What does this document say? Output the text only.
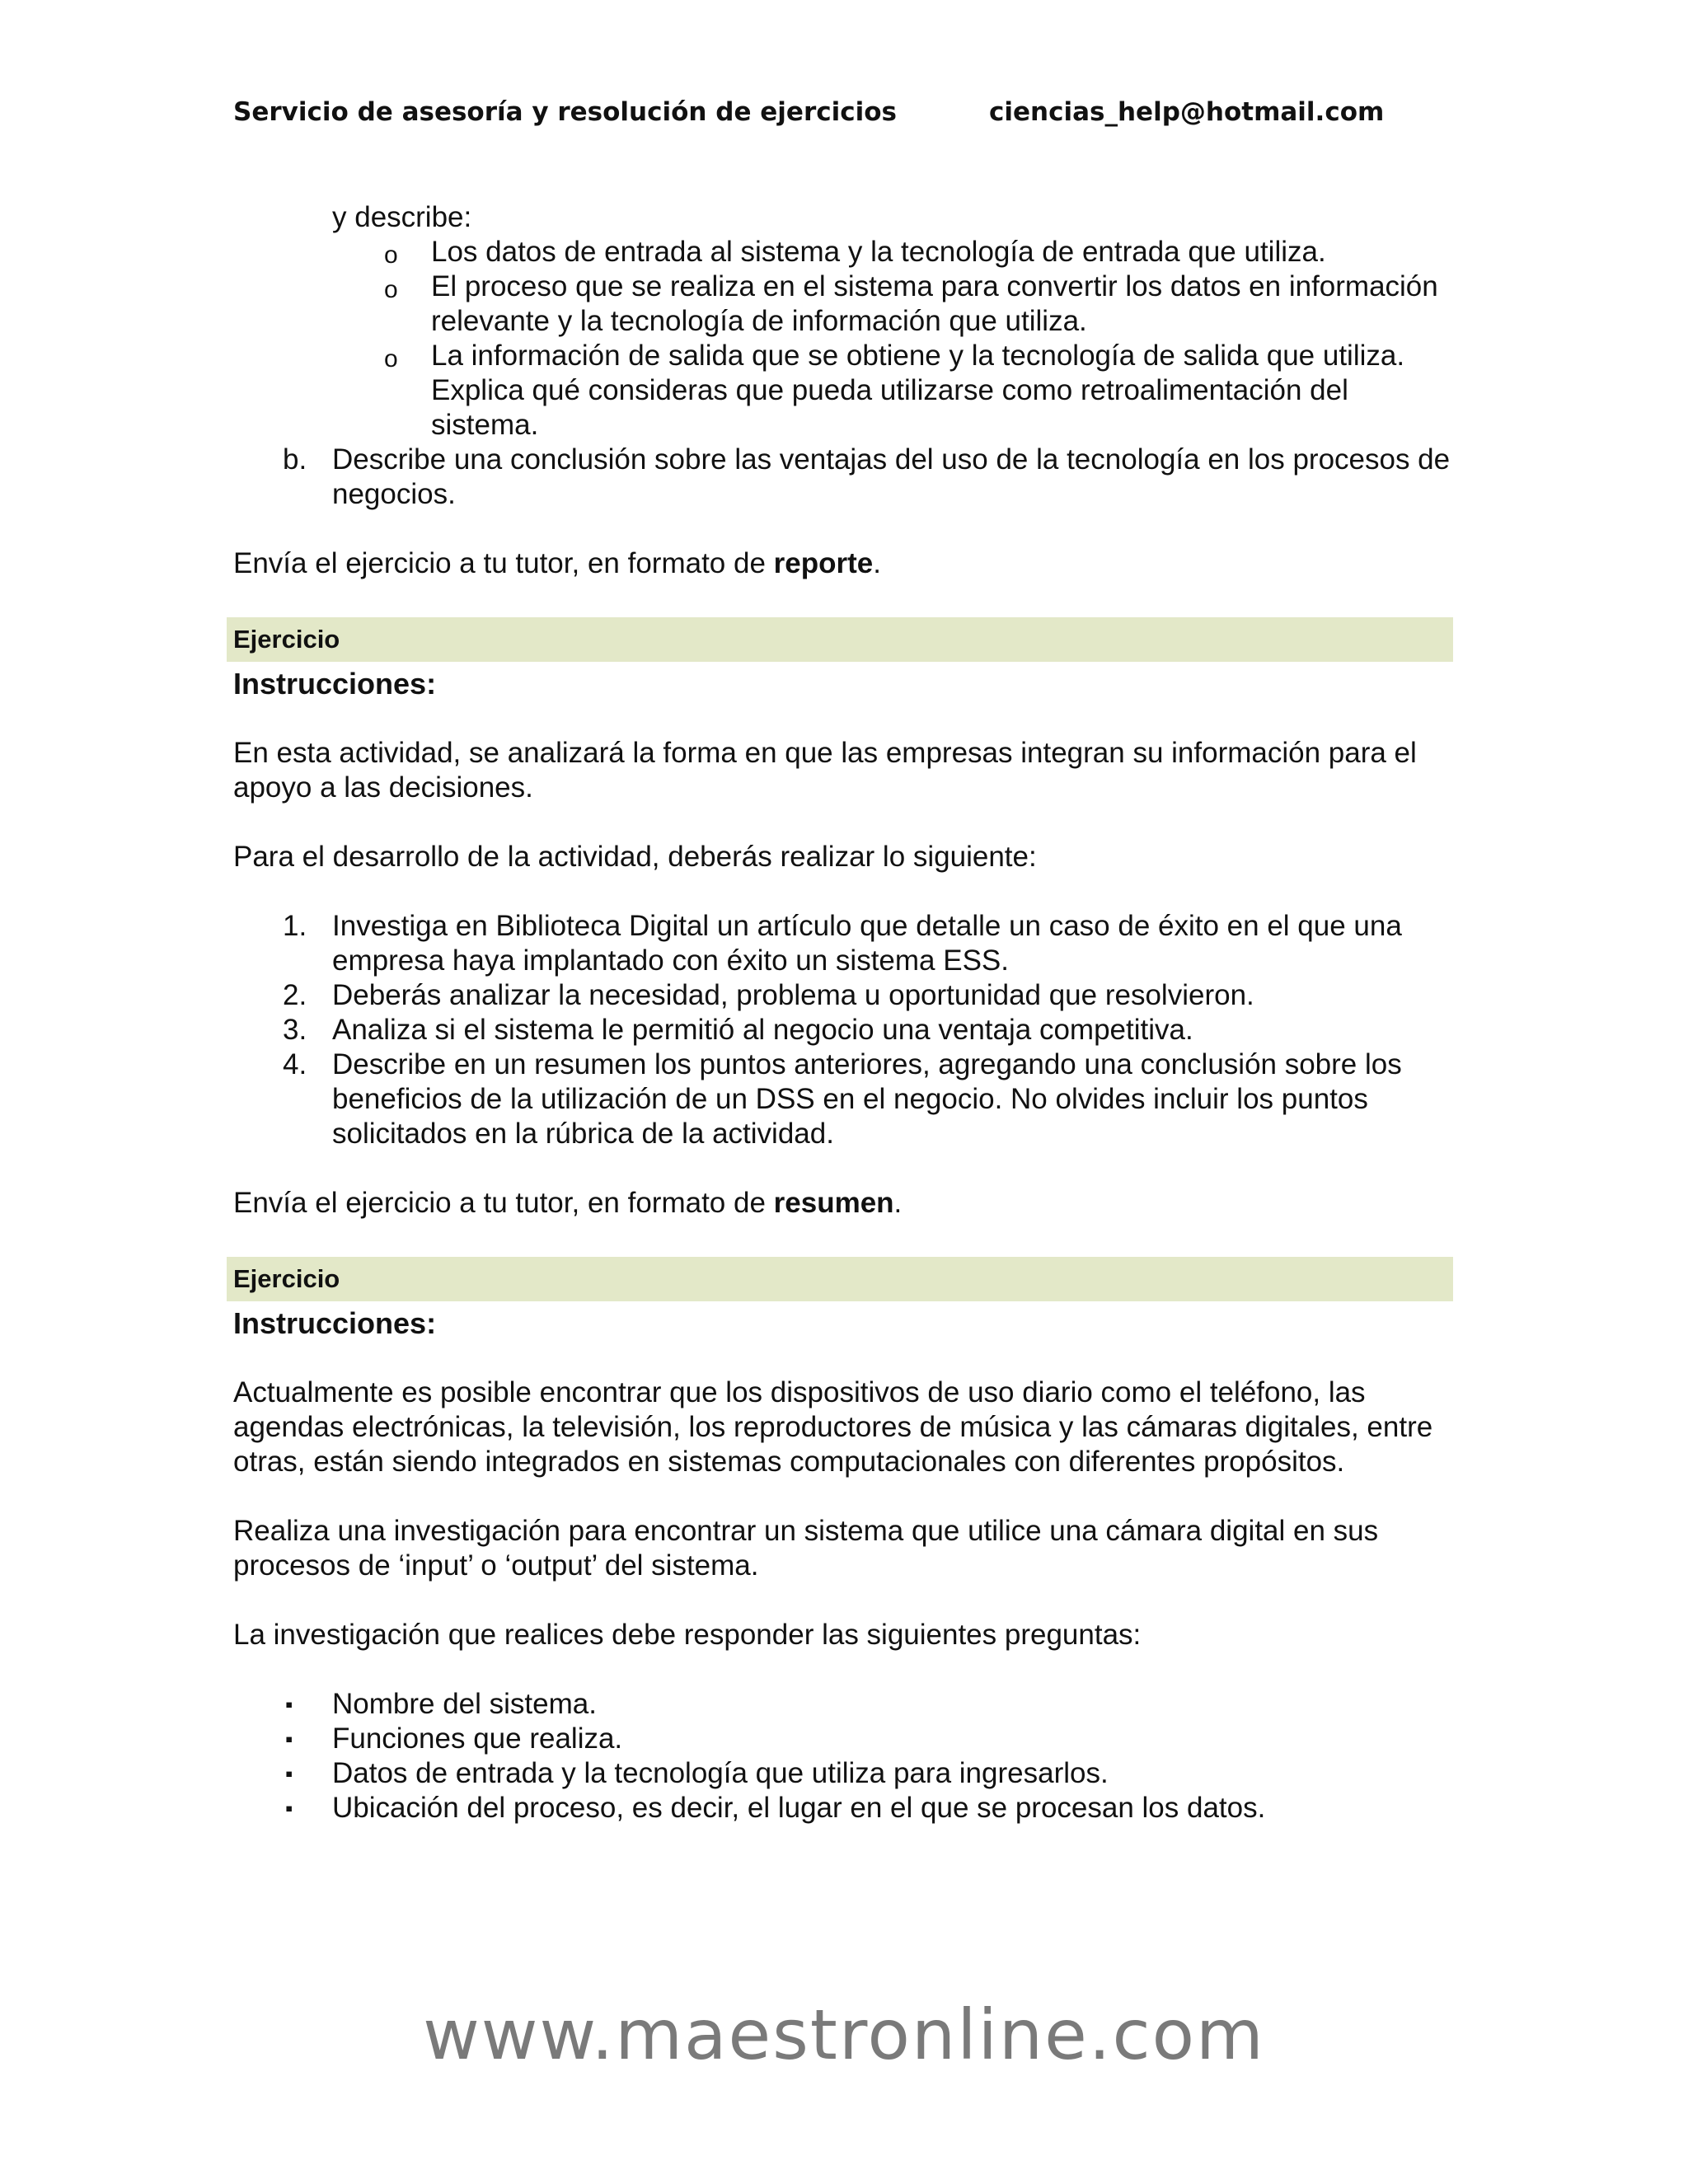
Servicio de asesoría y resolución de ejercicios	ciencias_help@hotmail.com

y describe:

o Los datos de entrada al sistema y la tecnología de entrada que utiliza.
o El proceso que se realiza en el sistema para convertir los datos en información relevante y la tecnología de información que utiliza.
o La información de salida que se obtiene y la tecnología de salida que utiliza. Explica qué consideras que pueda utilizarse como retroalimentación del sistema.
b. Describe una conclusión sobre las ventajas del uso de la tecnología en los procesos de negocios.

Envía el ejercicio a tu tutor, en formato de reporte.

Ejercicio

Instrucciones:

En esta actividad, se analizará la forma en que las empresas integran su información para el apoyo a las decisiones.

Para el desarrollo de la actividad, deberás realizar lo siguiente:

1. Investiga en Biblioteca Digital un artículo que detalle un caso de éxito en el que una empresa haya implantado con éxito un sistema ESS.
2. Deberás analizar la necesidad, problema u oportunidad que resolvieron.
3. Analiza si el sistema le permitió al negocio una ventaja competitiva.
4. Describe en un resumen los puntos anteriores, agregando una conclusión sobre los beneficios de la utilización de un DSS en el negocio. No olvides incluir los puntos solicitados en la rúbrica de la actividad.

Envía el ejercicio a tu tutor, en formato de resumen.

Ejercicio

Instrucciones:

Actualmente es posible encontrar que los dispositivos de uso diario como el teléfono, las agendas electrónicas, la televisión, los reproductores de música y las cámaras digitales, entre otras, están siendo integrados en sistemas computacionales con diferentes propósitos.

Realiza una investigación para encontrar un sistema que utilice una cámara digital en sus procesos de ‘input’ o ‘output’ del sistema.

La investigación que realices debe responder las siguientes preguntas:

▪ Nombre del sistema.
▪ Funciones que realiza.
▪ Datos de entrada y la tecnología que utiliza para ingresarlos.
▪ Ubicación del proceso, es decir, el lugar en el que se procesan los datos.
www.maestronline.com
